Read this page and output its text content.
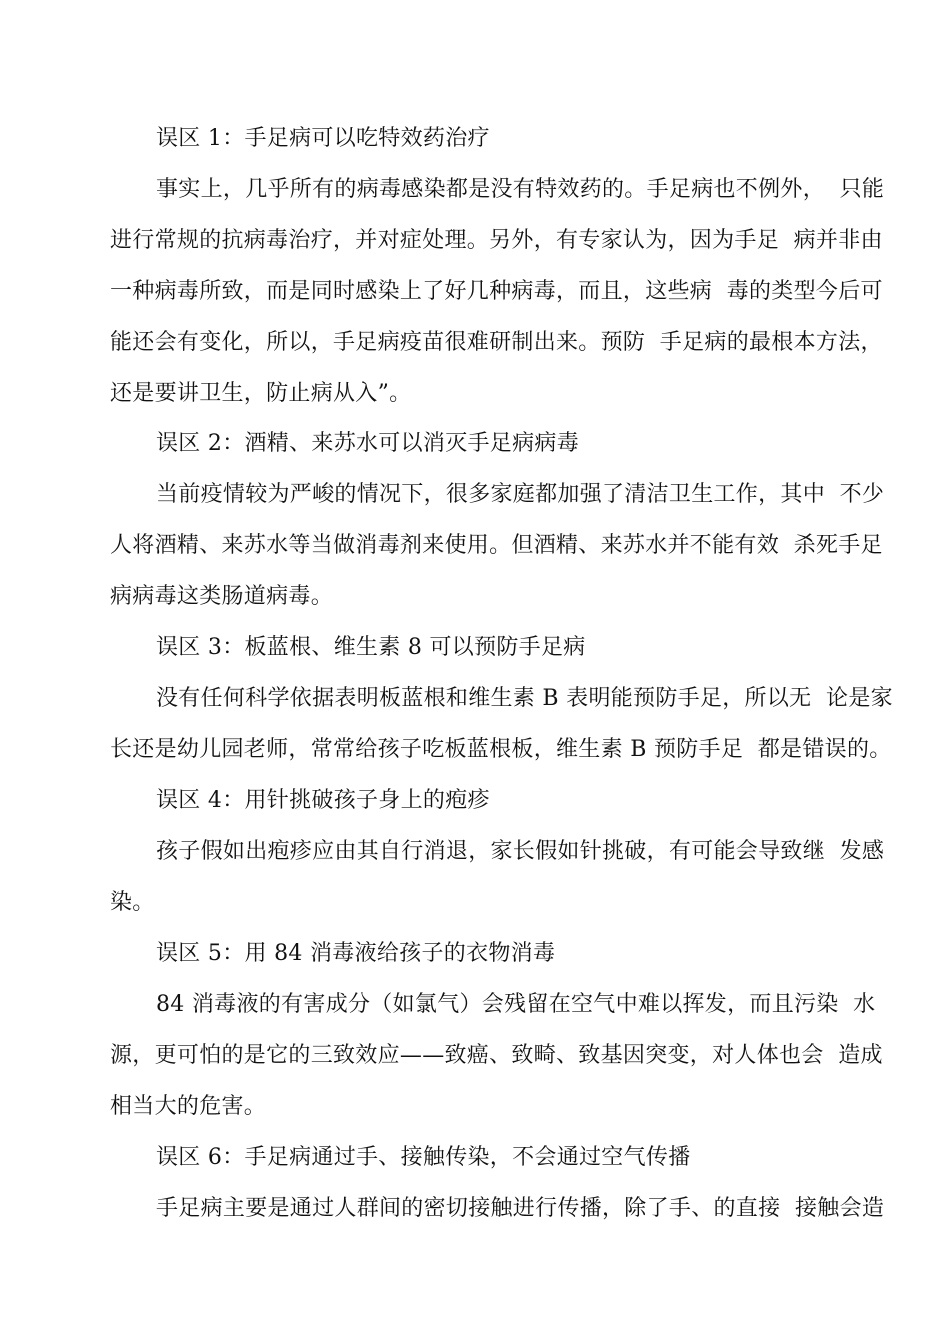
误区 1：手足病可以吃特效药治疗
事实上，几乎所有的病毒感染都是没有特效药的。手足病也不例外，  只能
进行常规的抗病毒治疗，并对症处理。另外，有专家认为，因为手足  病并非由
一种病毒所致，而是同时感染上了好几种病毒，而且，这些病  毒的类型今后可
能还会有变化，所以，手足病疫苗很难研制出来。预防  手足病的最根本方法，
还是要讲卫生，防止病从入”。
误区 2：酒精、来苏水可以消灭手足病病毒
当前疫情较为严峻的情况下，很多家庭都加强了清洁卫生工作，其中  不少
人将酒精、来苏水等当做消毒剂来使用。但酒精、来苏水并不能有效  杀死手足
病病毒这类肠道病毒。
误区 3：板蓝根、维生素 8 可以预防手足病
没有任何科学依据表明板蓝根和维生素 B 表明能预防手足，所以无  论是家
长还是幼儿园老师，常常给孩子吃板蓝根板，维生素 B 预防手足  都是错误的。
误区 4：用针挑破孩子身上的疱疹
孩子假如出疱疹应由其自行消退，家长假如针挑破，有可能会导致继  发感
染。
误区 5：用 84 消毒液给孩子的衣物消毒
84 消毒液的有害成分（如氯气）会残留在空气中难以挥发，而且污染  水
源，更可怕的是它的三致效应——致癌、致畸、致基因突变，对人体也会  造成
相当大的危害。
误区 6：手足病通过手、接触传染，不会通过空气传播
手足病主要是通过人群间的密切接触进行传播，除了手、的直接  接触会造
